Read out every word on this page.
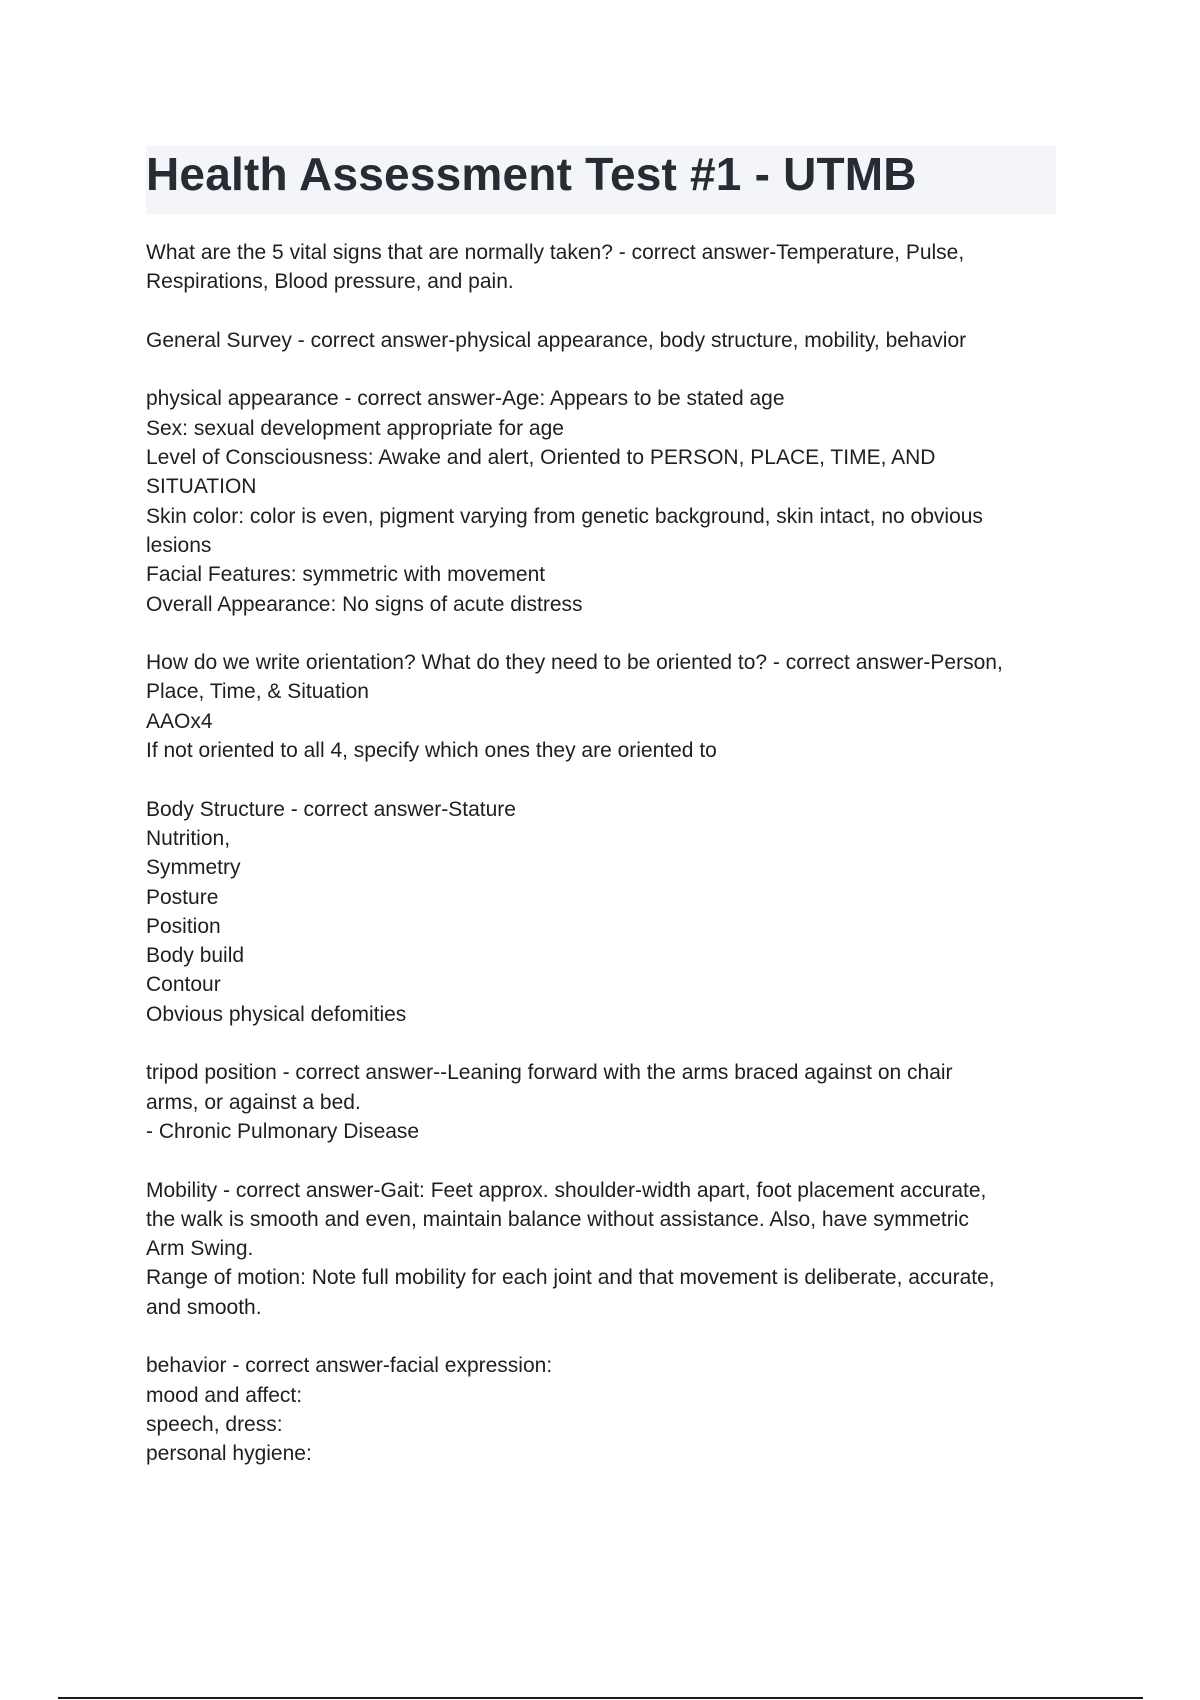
Health Assessment Test #1 - UTMB
What are the 5 vital signs that are normally taken? - correct answer-Temperature, Pulse,
Respirations, Blood pressure, and pain.
General Survey - correct answer-physical appearance, body structure, mobility, behavior
physical appearance - correct answer-Age: Appears to be stated age
Sex: sexual development appropriate for age
Level of Consciousness: Awake and alert, Oriented to PERSON, PLACE, TIME, AND
SITUATION
Skin color: color is even, pigment varying from genetic background, skin intact, no obvious
lesions
Facial Features: symmetric with movement
Overall Appearance: No signs of acute distress
How do we write orientation? What do they need to be oriented to? - correct answer-Person,
Place, Time, & Situation
AAOx4
If not oriented to all 4, specify which ones they are oriented to
Body Structure - correct answer-Stature
Nutrition,
Symmetry
Posture
Position
Body build
Contour
Obvious physical defomities
tripod position - correct answer--Leaning forward with the arms braced against on chair
arms, or against a bed.
- Chronic Pulmonary Disease
Mobility - correct answer-Gait: Feet approx. shoulder-width apart, foot placement accurate,
the walk is smooth and even, maintain balance without assistance. Also, have symmetric
Arm Swing.
Range of motion: Note full mobility for each joint and that movement is deliberate, accurate,
and smooth.
behavior - correct answer-facial expression:
mood and affect:
speech, dress:
personal hygiene:
